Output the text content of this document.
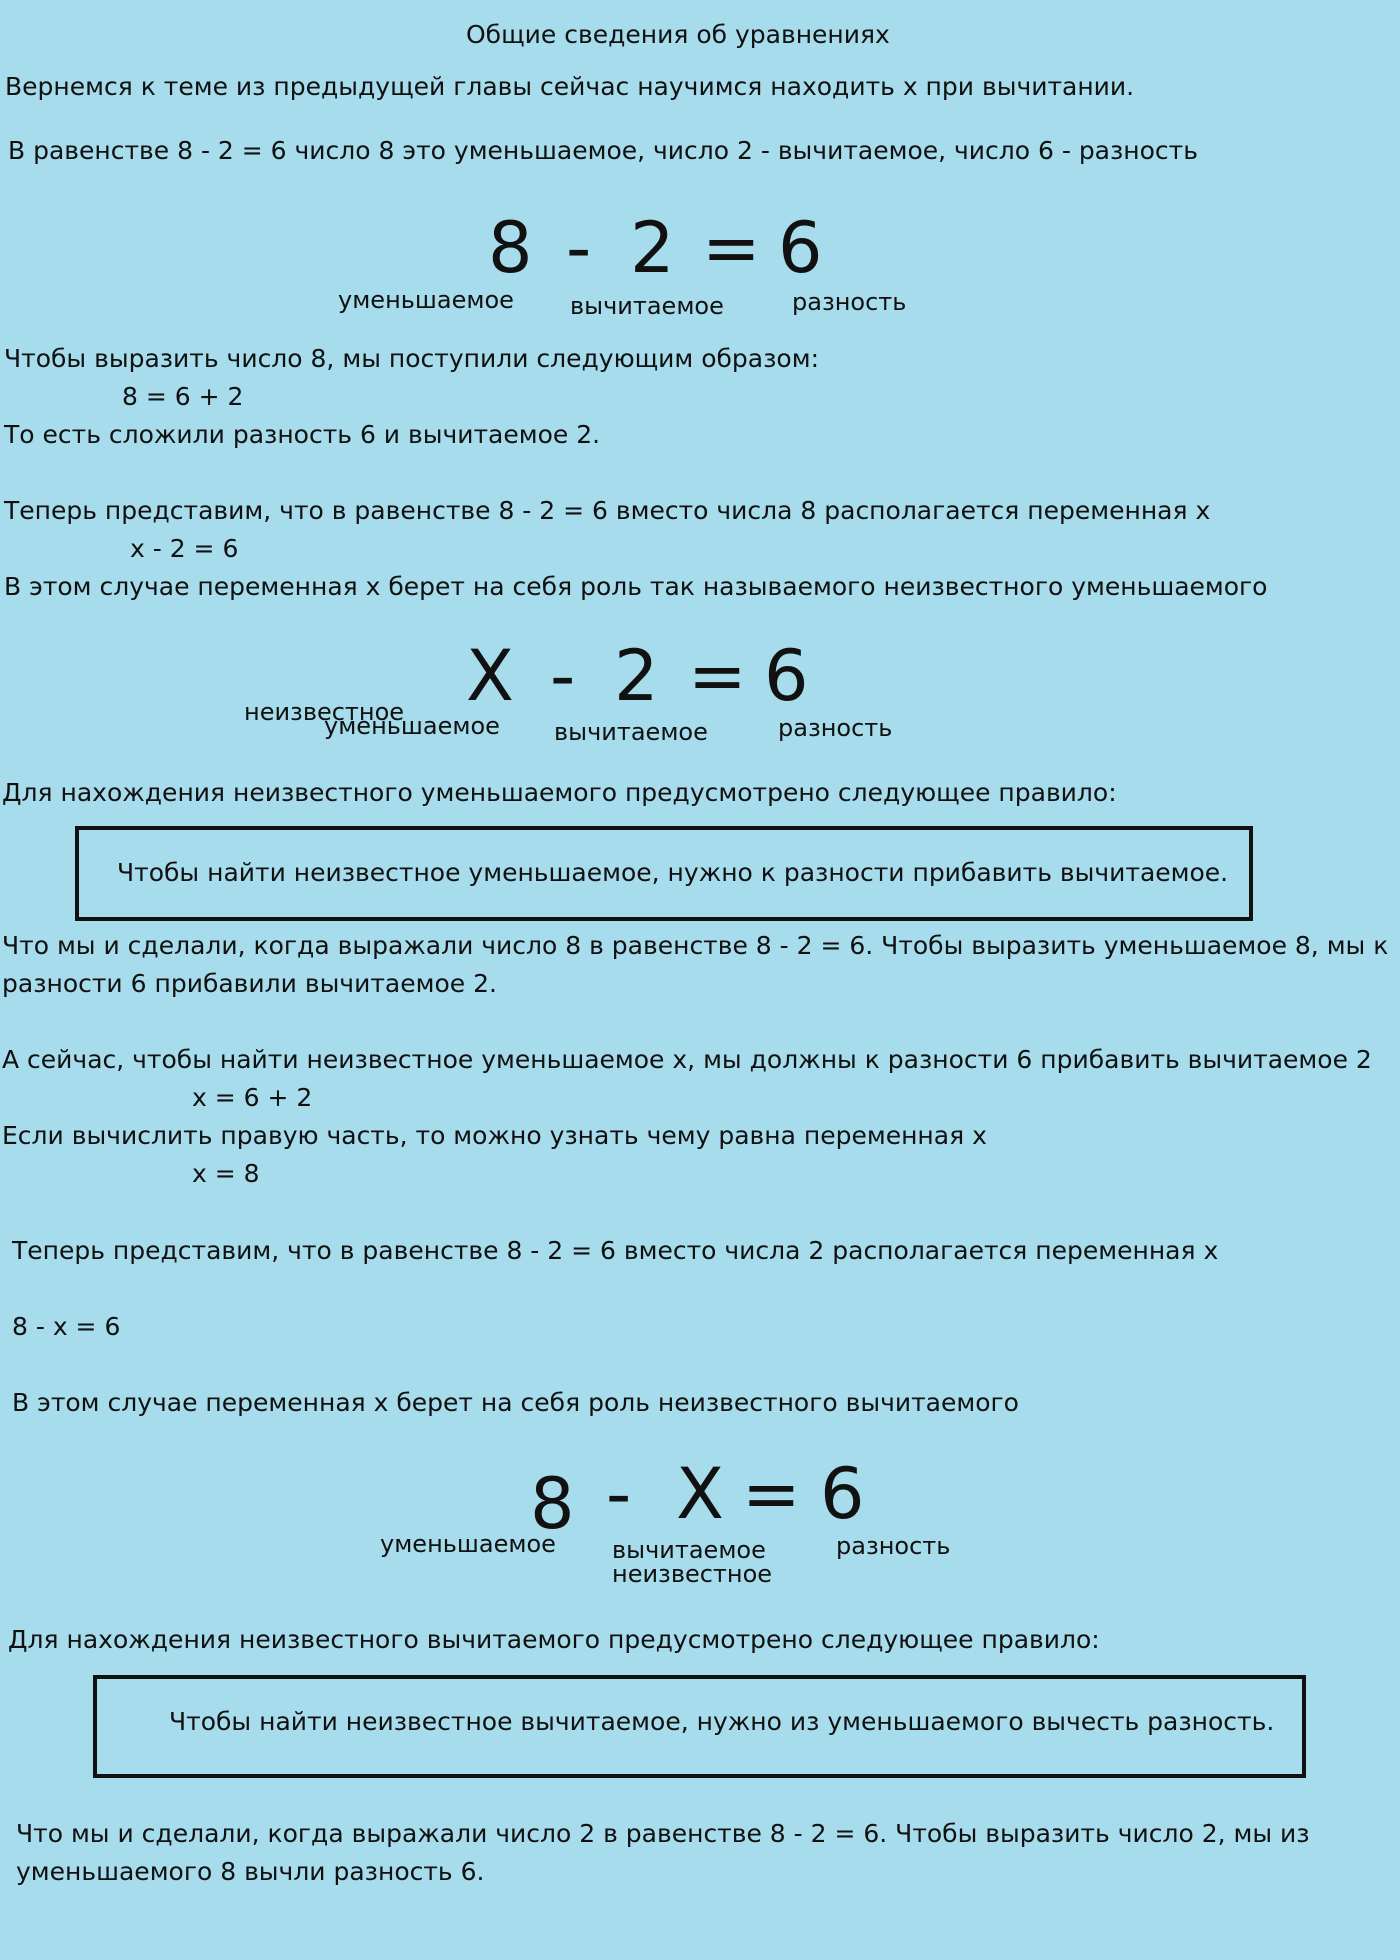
Общие сведения об уравнениях
Вернемся к теме из предыдущей главы сейчас научимся находить x при вычитании.
В равенстве 8 - 2 = 6 число 8 это уменьшаемое, число 2 - вычитаемое, число 6 - разность
8 - 2 = 6
уменьшаемое вычитаемое	разность
Чтобы выразить число 8, мы поступили следующим образом:
8 = 6 + 2
То есть сложили разность 6 и вычитаемое 2.
Теперь представим, что в равенстве 8 - 2 = 6 вместо числа 8 располагается переменная x
x - 2 = 6
В этом случае переменная x берет на себя роль так называемого неизвестного уменьшаемого
X - 2 = 6
неизвестное
уменьшаемое вычитаемое	разность
Для нахождения неизвестного уменьшаемого предусмотрено следующее правило:
Чтобы найти неизвестное уменьшаемое, нужно к разности прибавить вычитаемое.
Что мы и сделали, когда выражали число 8 в равенстве 8 - 2 = 6. Чтобы выразить уменьшаемое 8, мы к
разности 6 прибавили вычитаемое 2.
А сейчас, чтобы найти неизвестное уменьшаемое x, мы должны к разности 6 прибавить вычитаемое 2
x = 6 + 2
Если вычислить правую часть, то можно узнать чему равна переменная x
x = 8
Теперь представим, что в равенстве 8 - 2 = 6 вместо числа 2 располагается переменная x
8 - x = 6
В этом случае переменная x берет на себя роль неизвестного вычитаемого
8 - X = 6
уменьшаемое вычитаемое
неизвестное
разность
Для нахождения неизвестного вычитаемого предусмотрено следующее правило:
Чтобы найти неизвестное вычитаемое, нужно из уменьшаемого вычесть разность.
Что мы и сделали, когда выражали число 2 в равенстве 8 - 2 = 6. Чтобы выразить число 2, мы из
уменьшаемого 8 вычли разность 6.
